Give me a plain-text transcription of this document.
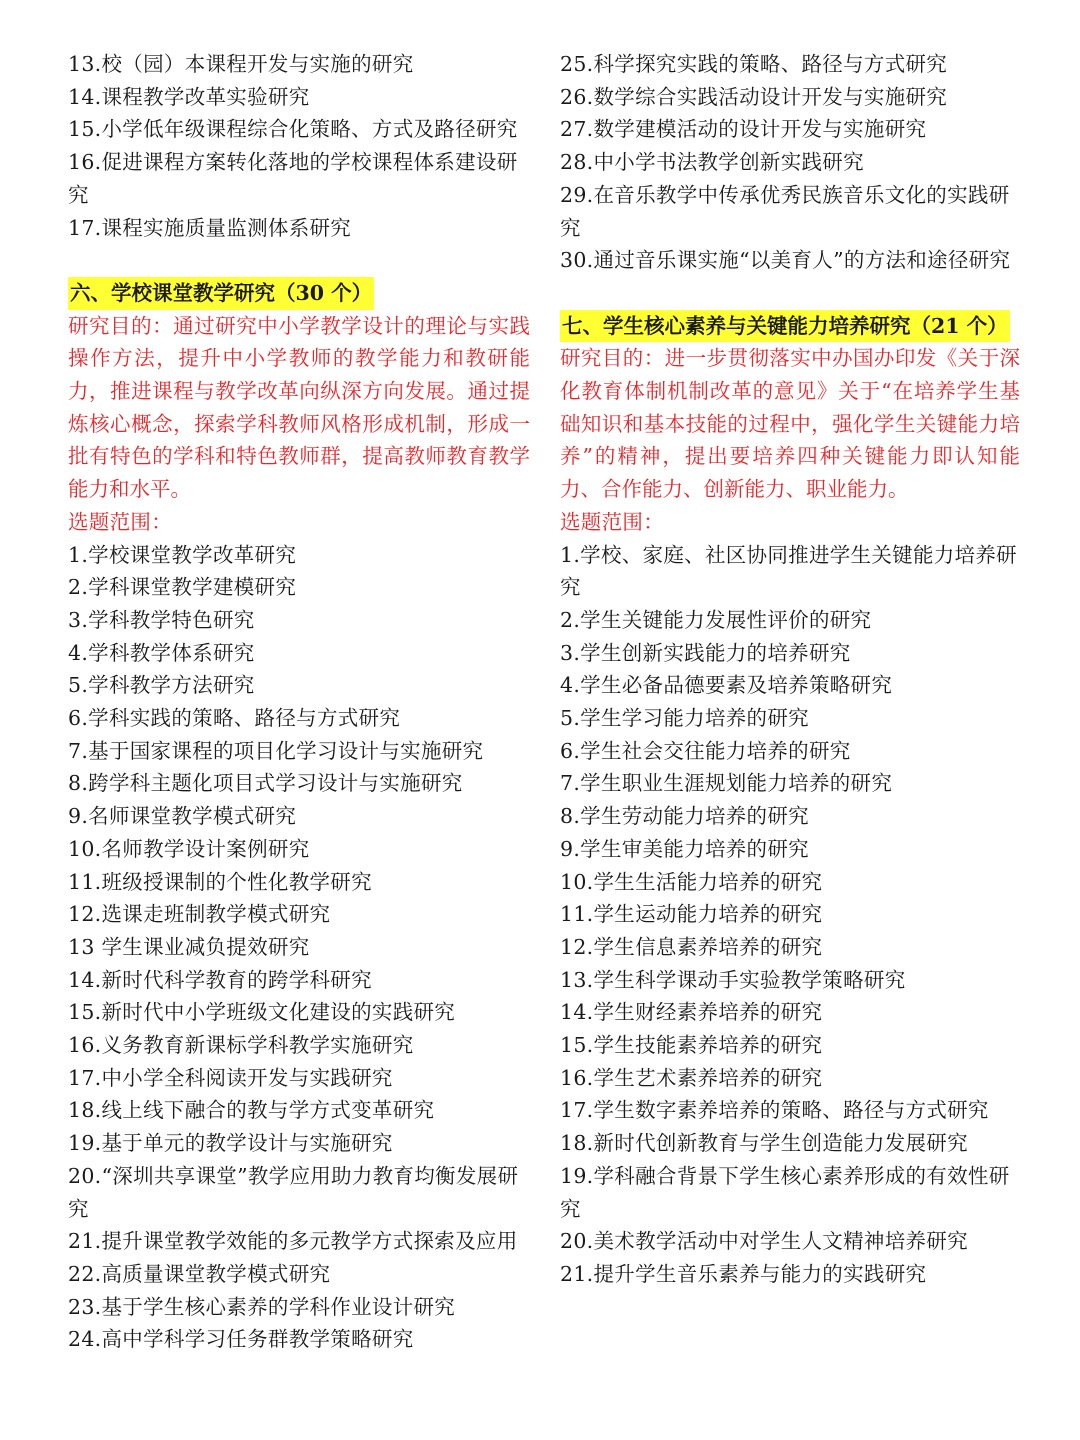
13.校（园）本课程开发与实施的研究
14.课程教学改革实验研究
15.小学低年级课程综合化策略、方式及路径研究
16.促进课程方案转化落地的学校课程体系建设研究
17.课程实施质量监测体系研究
六、学校课堂教学研究（30 个）
研究目的：通过研究中小学教学设计的理论与实践操作方法，提升中小学教师的教学能力和教研能力，推进课程与教学改革向纵深方向发展。通过提炼核心概念，探索学科教师风格形成机制，形成一批有特色的学科和特色教师群，提高教师教育教学能力和水平。
选题范围：
1.学校课堂教学改革研究
2.学科课堂教学建模研究
3.学科教学特色研究
4.学科教学体系研究
5.学科教学方法研究
6.学科实践的策略、路径与方式研究
7.基于国家课程的项目化学习设计与实施研究
8.跨学科主题化项目式学习设计与实施研究
9.名师课堂教学模式研究
10.名师教学设计案例研究
11.班级授课制的个性化教学研究
12.选课走班制教学模式研究
13 学生课业减负提效研究
14.新时代科学教育的跨学科研究
15.新时代中小学班级文化建设的实践研究
16.义务教育新课标学科教学实施研究
17.中小学全科阅读开发与实践研究
18.线上线下融合的教与学方式变革研究
19.基于单元的教学设计与实施研究
20.“深圳共享课堂”教学应用助力教育均衡发展研究
21.提升课堂教学效能的多元教学方式探索及应用
22.高质量课堂教学模式研究
23.基于学生核心素养的学科作业设计研究
24.高中学科学习任务群教学策略研究
25.科学探究实践的策略、路径与方式研究
26.数学综合实践活动设计开发与实施研究
27.数学建模活动的设计开发与实施研究
28.中小学书法教学创新实践研究
29.在音乐教学中传承优秀民族音乐文化的实践研究
30.通过音乐课实施“以美育人”的方法和途径研究
七、学生核心素养与关键能力培养研究（21 个）
研究目的：进一步贯彻落实中办国办印发《关于深化教育体制机制改革的意见》关于“在培养学生基础知识和基本技能的过程中，强化学生关键能力培养”的精神，提出要培养四种关键能力即认知能力、合作能力、创新能力、职业能力。
选题范围：
1.学校、家庭、社区协同推进学生关键能力培养研究
2.学生关键能力发展性评价的研究
3.学生创新实践能力的培养研究
4.学生必备品德要素及培养策略研究
5.学生学习能力培养的研究
6.学生社会交往能力培养的研究
7.学生职业生涯规划能力培养的研究
8.学生劳动能力培养的研究
9.学生审美能力培养的研究
10.学生生活能力培养的研究
11.学生运动能力培养的研究
12.学生信息素养培养的研究
13.学生科学课动手实验教学策略研究
14.学生财经素养培养的研究
15.学生技能素养培养的研究
16.学生艺术素养培养的研究
17.学生数字素养培养的策略、路径与方式研究
18.新时代创新教育与学生创造能力发展研究
19.学科融合背景下学生核心素养形成的有效性研究
20.美术教学活动中对学生人文精神培养研究
21.提升学生音乐素养与能力的实践研究
